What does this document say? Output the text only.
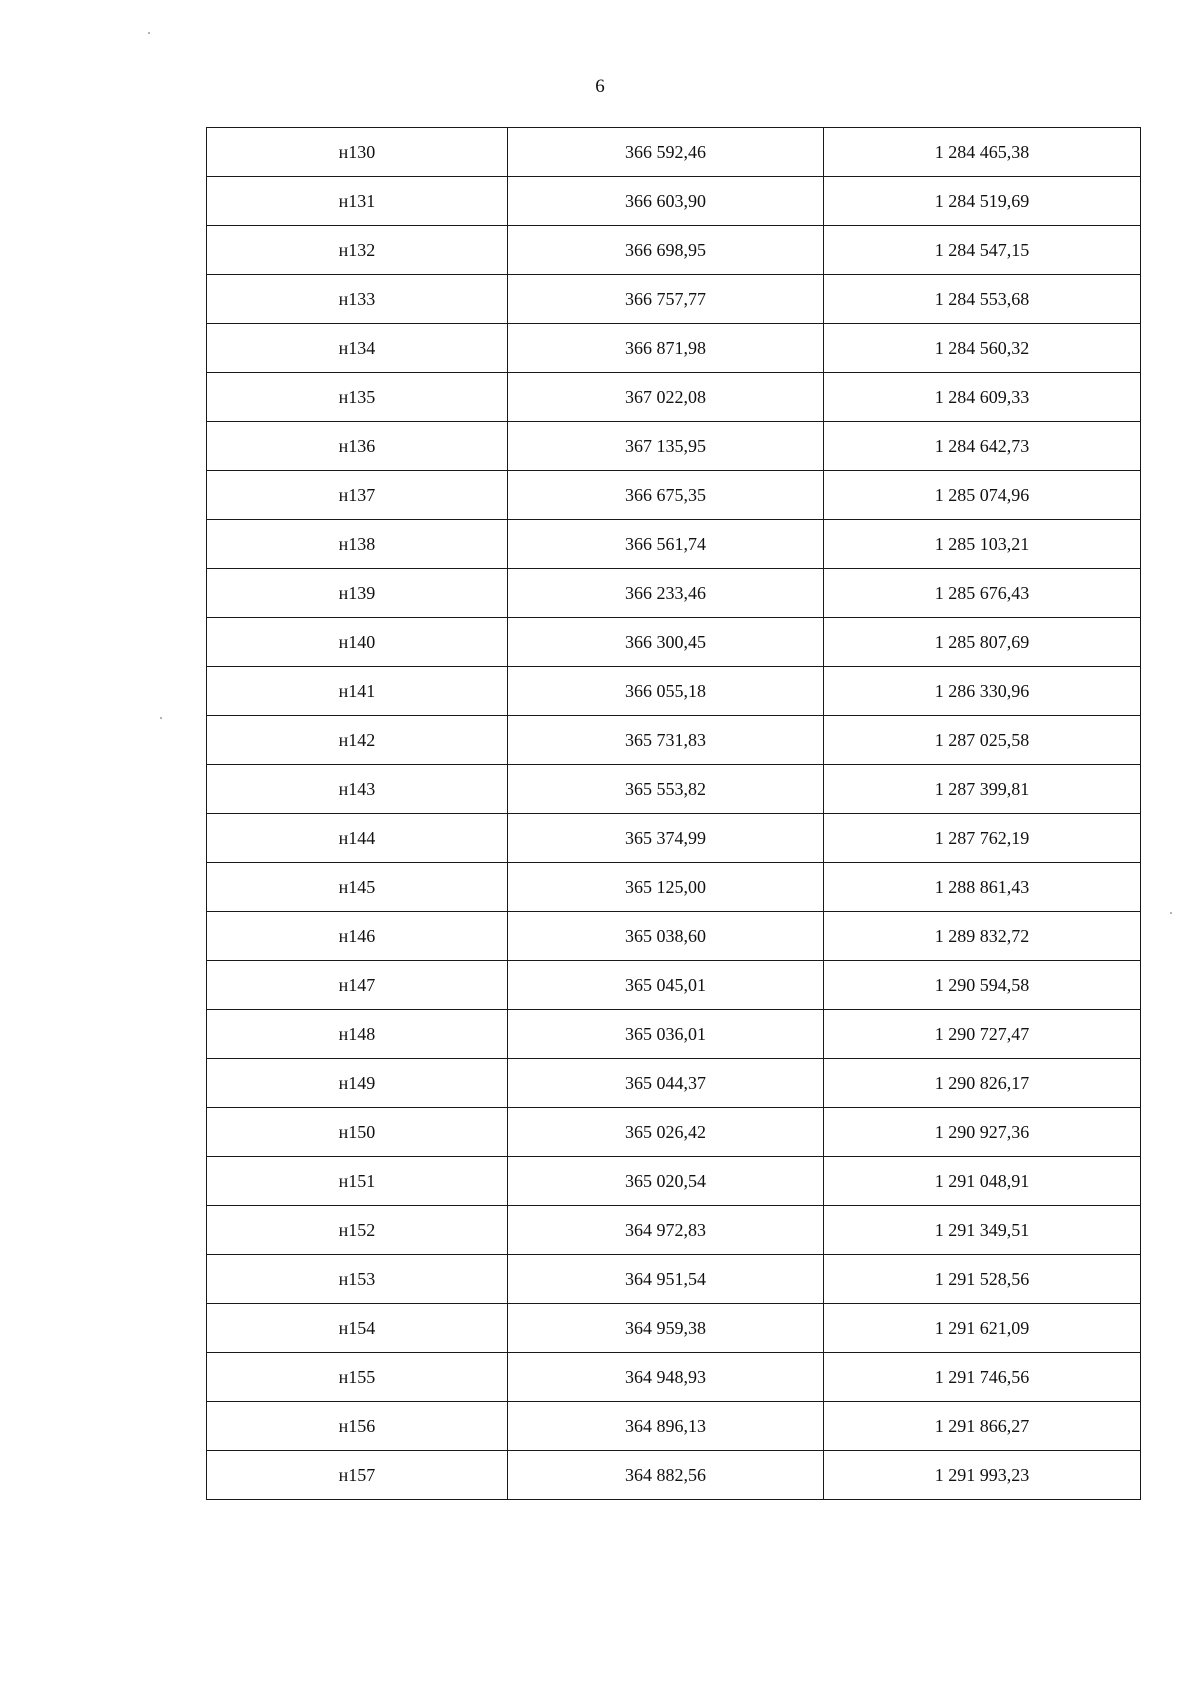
6
н130	366 592,46	1 284 465,38
н131	366 603,90	1 284 519,69
н132	366 698,95	1 284 547,15
н133	366 757,77	1 284 553,68
н134	366 871,98	1 284 560,32
н135	367 022,08	1 284 609,33
н136	367 135,95	1 284 642,73
н137	366 675,35	1 285 074,96
н138	366 561,74	1 285 103,21
н139	366 233,46	1 285 676,43
н140	366 300,45	1 285 807,69
н141	366 055,18	1 286 330,96
н142	365 731,83	1 287 025,58
н143	365 553,82	1 287 399,81
н144	365 374,99	1 287 762,19
н145	365 125,00	1 288 861,43
н146	365 038,60	1 289 832,72
н147	365 045,01	1 290 594,58
н148	365 036,01	1 290 727,47
н149	365 044,37	1 290 826,17
н150	365 026,42	1 290 927,36
н151	365 020,54	1 291 048,91
н152	364 972,83	1 291 349,51
н153	364 951,54	1 291 528,56
н154	364 959,38	1 291 621,09
н155	364 948,93	1 291 746,56
н156	364 896,13	1 291 866,27
н157	364 882,56	1 291 993,23
